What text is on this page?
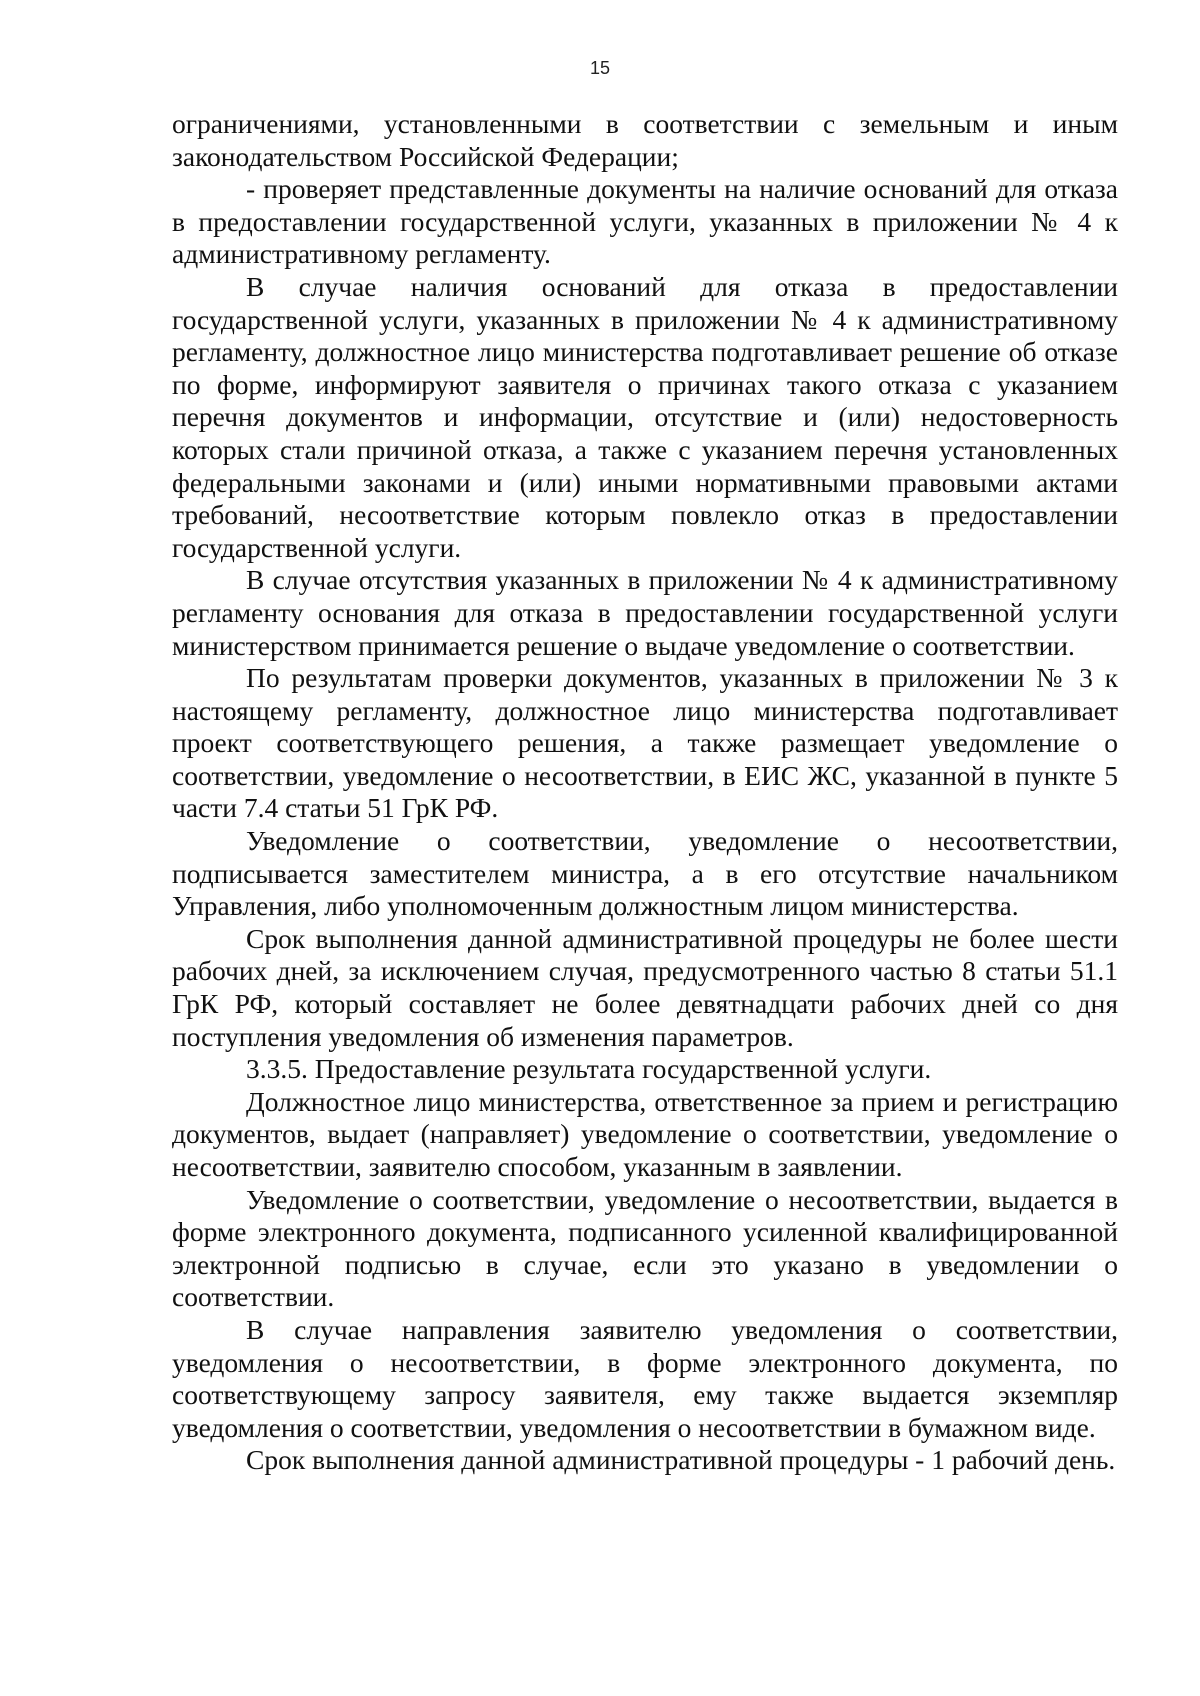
15

ограничениями, установленными в соответствии с земельным и иным законодательством Российской Федерации;

- проверяет представленные документы на наличие оснований для отказа в предоставлении государственной услуги, указанных в приложении № 4 к административному регламенту.

В случае наличия оснований для отказа в предоставлении государственной услуги, указанных в приложении № 4 к административному регламенту, должностное лицо министерства подготавливает решение об отказе по форме, информируют заявителя о причинах такого отказа с указанием перечня документов и информации, отсутствие и (или) недостоверность которых стали причиной отказа, а также с указанием перечня установленных федеральными законами и (или) иными нормативными правовыми актами требований, несоответствие которым повлекло отказ в предоставлении государственной услуги.

В случае отсутствия указанных в приложении № 4 к административному регламенту основания для отказа в предоставлении государственной услуги министерством принимается решение о выдаче уведомление о соответствии.

По результатам проверки документов, указанных в приложении № 3 к настоящему регламенту, должностное лицо министерства подготавливает проект соответствующего решения, а также размещает уведомление о соответствии, уведомление о несоответствии, в ЕИС ЖС, указанной в пункте 5 части 7.4 статьи 51 ГрК РФ.

Уведомление о соответствии, уведомление о несоответствии, подписывается заместителем министра, а в его отсутствие начальником Управления, либо уполномоченным должностным лицом министерства.

Срок выполнения данной административной процедуры не более шести рабочих дней, за исключением случая, предусмотренного частью 8 статьи 51.1 ГрК РФ, который составляет не более девятнадцати рабочих дней со дня поступления уведомления об изменения параметров.

3.3.5. Предоставление результата государственной услуги.

Должностное лицо министерства, ответственное за прием и регистрацию документов, выдает (направляет) уведомление о соответствии, уведомление о несоответствии, заявителю способом, указанным в заявлении.

Уведомление о соответствии, уведомление о несоответствии, выдается в форме электронного документа, подписанного усиленной квалифицированной электронной подписью в случае, если это указано в уведомлении о соответствии.

В случае направления заявителю уведомления о соответствии, уведомления о несоответствии, в форме электронного документа, по соответствующему запросу заявителя, ему также выдается экземпляр уведомления о соответствии, уведомления о несоответствии в бумажном виде.

Срок выполнения данной административной процедуры - 1 рабочий день.
